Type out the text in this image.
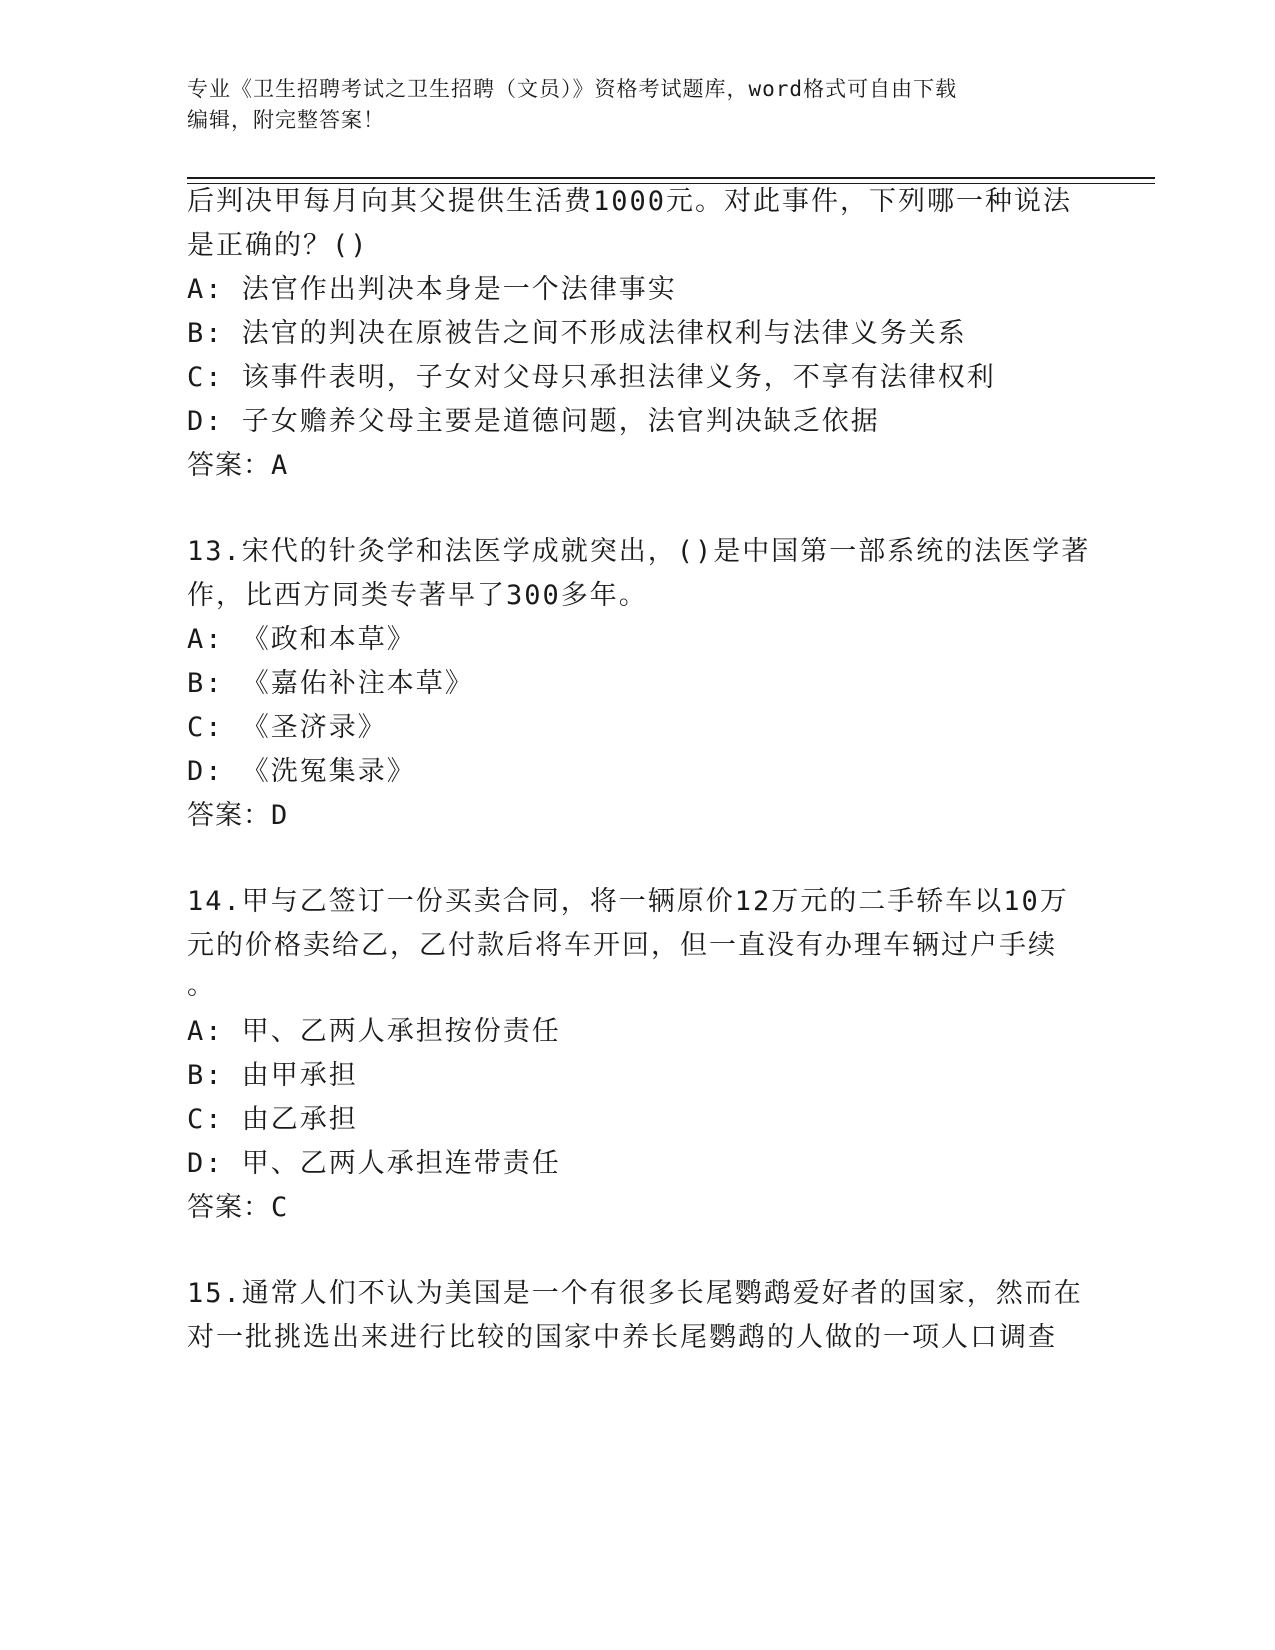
专业《卫生招聘考试之卫生招聘（文员）》资格考试题库，word格式可自由下载
编辑，附完整答案！
后判决甲每月向其父提供生活费1000元。对此事件，下列哪一种说法
是正确的？()
A: 法官作出判决本身是一个法律事实
B: 法官的判决在原被告之间不形成法律权利与法律义务关系
C: 该事件表明，子女对父母只承担法律义务，不享有法律权利
D: 子女赡养父母主要是道德问题，法官判决缺乏依据
答案：A
13.宋代的针灸学和法医学成就突出，()是中国第一部系统的法医学著
作，比西方同类专著早了300多年。
A: 《政和本草》
B: 《嘉佑补注本草》
C: 《圣济录》
D: 《洗冤集录》
答案：D
14.甲与乙签订一份买卖合同，将一辆原价12万元的二手轿车以10万
元的价格卖给乙，乙付款后将车开回，但一直没有办理车辆过户手续
。
A: 甲、乙两人承担按份责任
B: 由甲承担
C: 由乙承担
D: 甲、乙两人承担连带责任
答案：C
15.通常人们不认为美国是一个有很多长尾鹦鹉爱好者的国家，然而在
对一批挑选出来进行比较的国家中养长尾鹦鹉的人做的一项人口调查
